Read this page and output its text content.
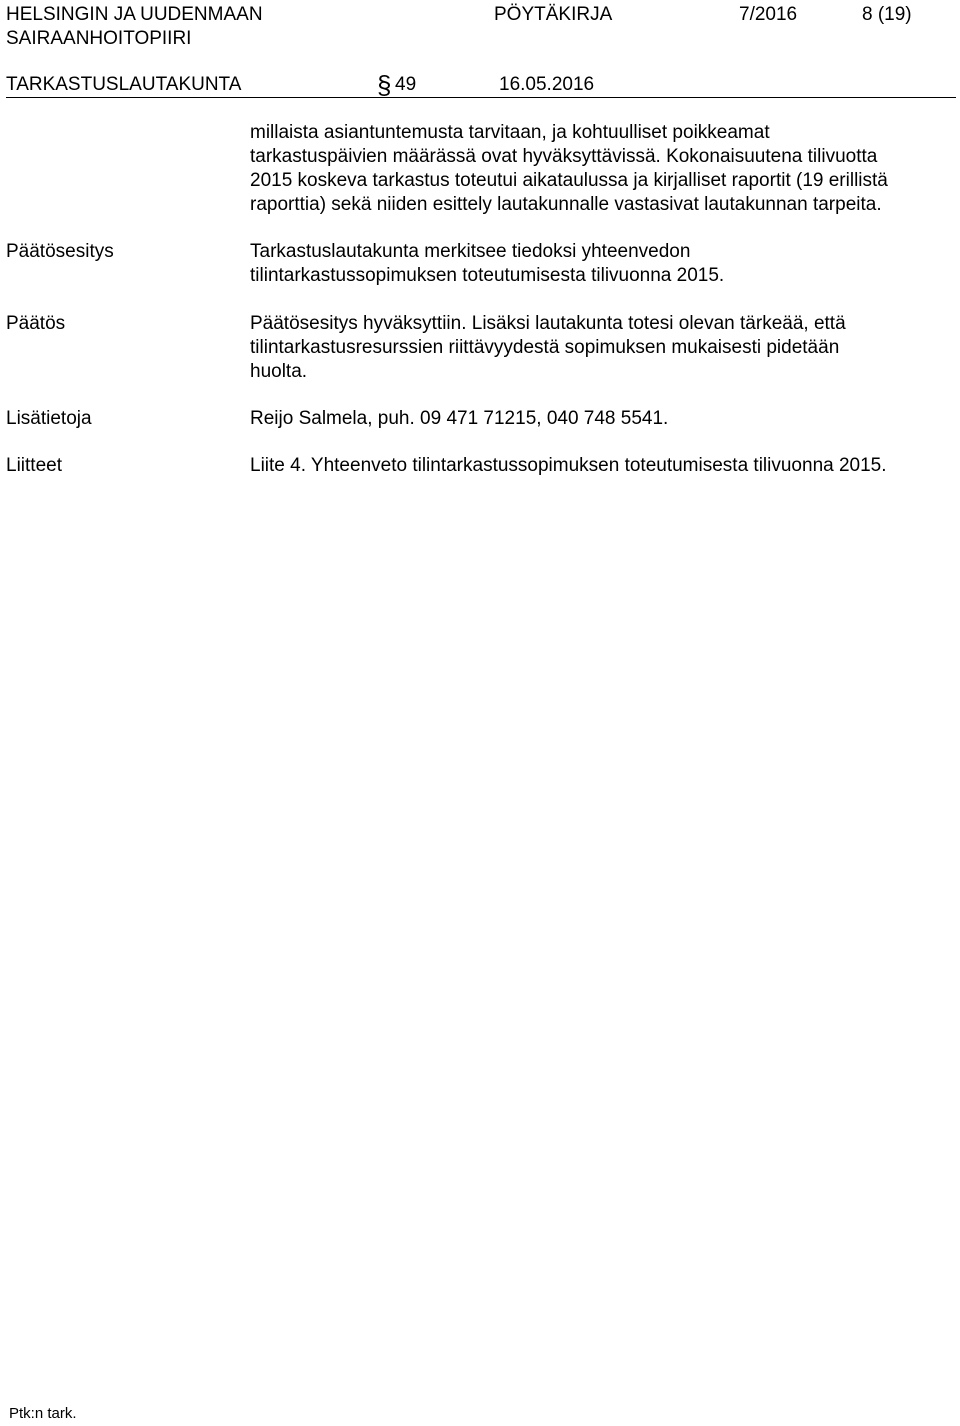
HELSINGIN JA UUDENMAAN
SAIRAANHOITOPIIRI
PÖYTÄKIRJA	7/2016	8 (19)
TARKASTUSLAUTAKUNTA	§ 49	16.05.2016
millaista asiantuntemusta tarvitaan, ja kohtuulliset poikkeamat
tarkastuspäivien määrässä ovat hyväksyttävissä. Kokonaisuutena tilivuotta
2015 koskeva tarkastus toteutui aikataulussa ja kirjalliset raportit (19 erillistä
raporttia) sekä niiden esittely lautakunnalle vastasivat lautakunnan tarpeita.
Päätösesitys	Tarkastuslautakunta merkitsee tiedoksi yhteenvedon
tilintarkastussopimuksen toteutumisesta tilivuonna 2015.
Päätös	Päätösesitys hyväksyttiin. Lisäksi lautakunta totesi olevan tärkeää, että
tilintarkastusresurssien riittävyydestä sopimuksen mukaisesti pidetään
huolta.
Lisätietoja	Reijo Salmela, puh. 09 471 71215, 040 748 5541.
Liitteet	Liite 4. Yhteenveto tilintarkastussopimuksen toteutumisesta tilivuonna 2015.
Ptk:n tark.
